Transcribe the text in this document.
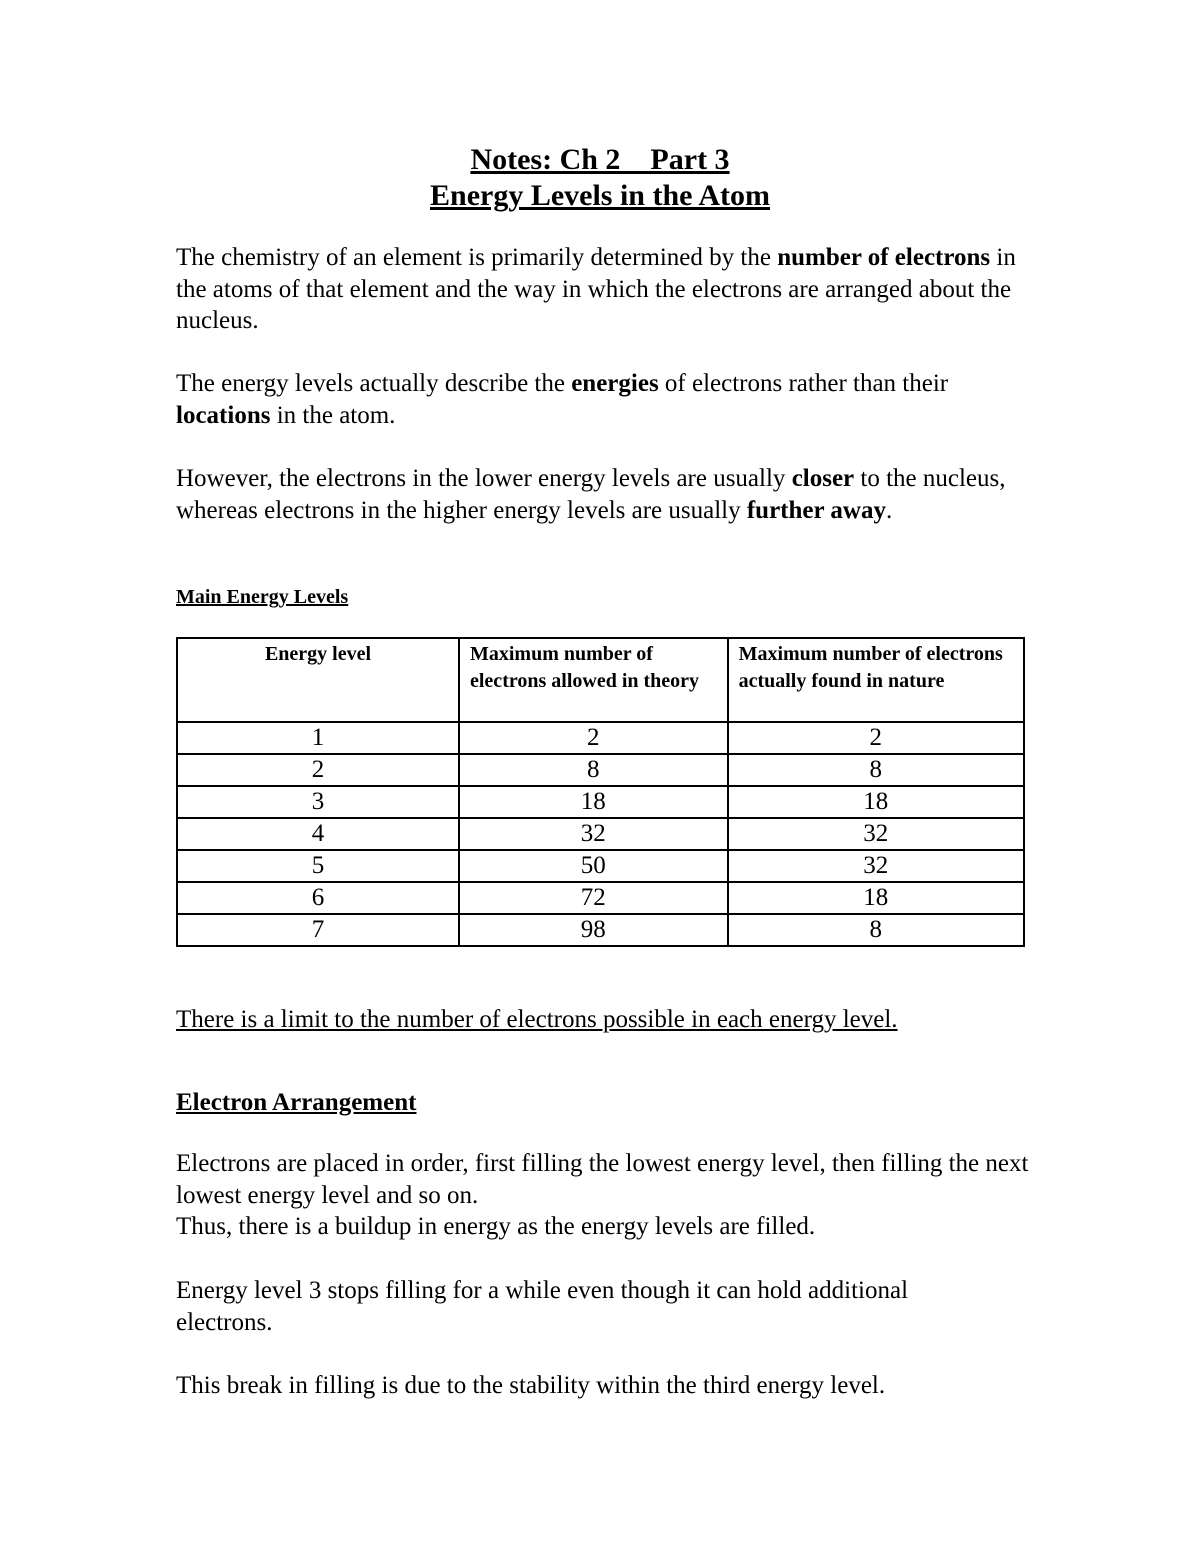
Notes: Ch 2    Part 3
Energy Levels in the Atom
The chemistry of an element is primarily determined by the number of electrons in the atoms of that element and the way in which the electrons are arranged about the nucleus.
The energy levels actually describe the energies of electrons rather than their locations in the atom.
However, the electrons in the lower energy levels are usually closer to the nucleus, whereas electrons in the higher energy levels are usually further away.
Main Energy Levels
Energy level	Maximum number of electrons allowed in theory	Maximum number of electrons actually found in nature
1	2	2
2	8	8
3	18	18
4	32	32
5	50	32
6	72	18
7	98	8
There is a limit to the number of electrons possible in each energy level.
Electron Arrangement
Electrons are placed in order, first filling the lowest energy level, then filling the next lowest energy level and so on.
Thus, there is a buildup in energy as the energy levels are filled.
Energy level 3 stops filling for a while even though it can hold additional electrons.
This break in filling is due to the stability within the third energy level.
